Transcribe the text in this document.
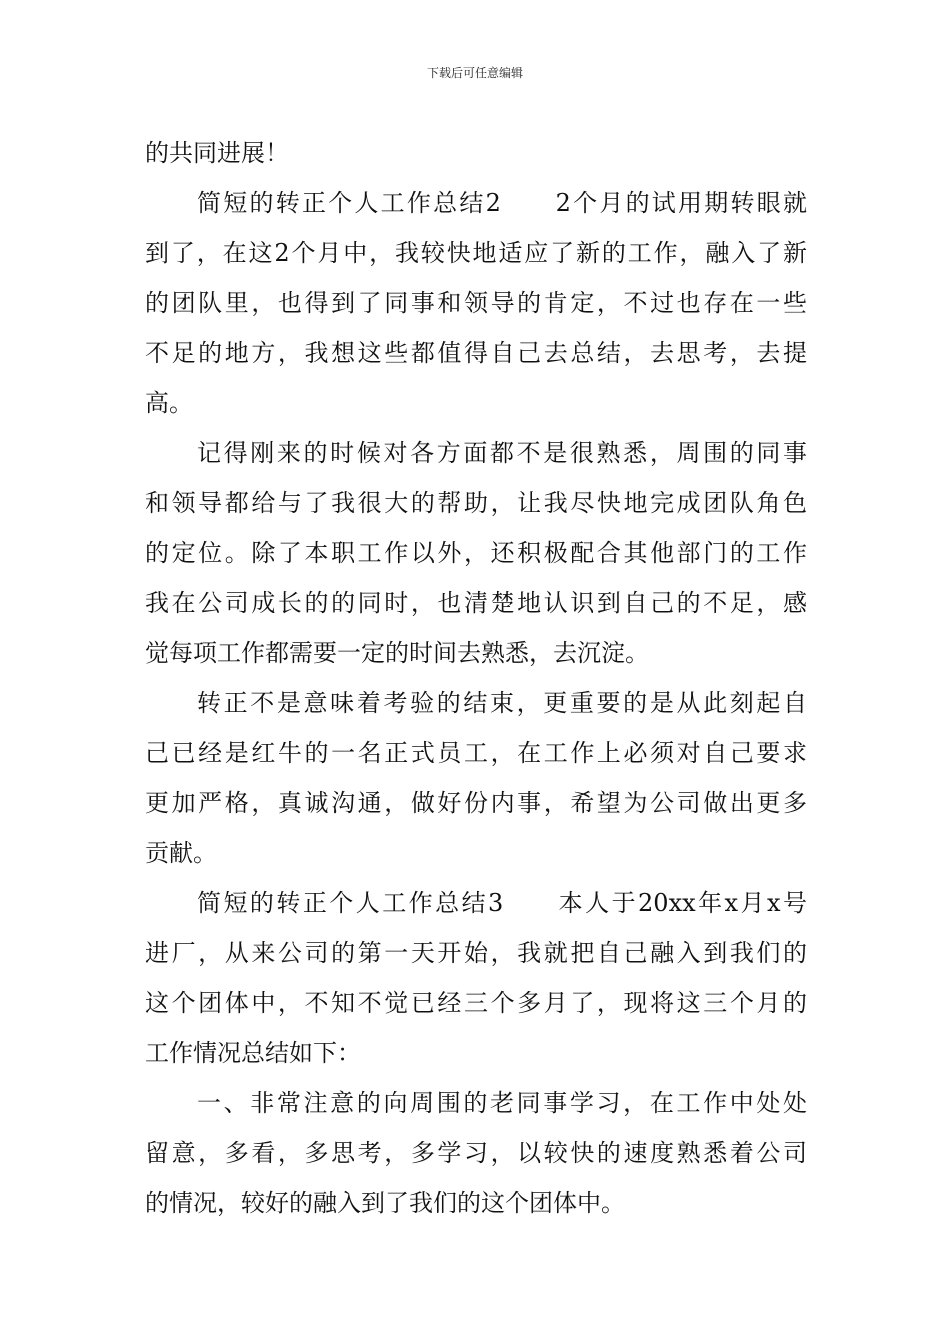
下载后可任意编辑
的共同进展！
简短的转正个人工作总结2　　2个月的试用期转眼就
到了，在这2个月中，我较快地适应了新的工作，融入了新
的团队里，也得到了同事和领导的肯定，不过也存在一些
不足的地方，我想这些都值得自己去总结，去思考，去提
高。
记得刚来的时候对各方面都不是很熟悉，周围的同事
和领导都给与了我很大的帮助，让我尽快地完成团队角色
的定位。除了本职工作以外，还积极配合其他部门的工作
我在公司成长的的同时，也清楚地认识到自己的不足，感
觉每项工作都需要一定的时间去熟悉，去沉淀。
转正不是意味着考验的结束，更重要的是从此刻起自
己已经是红牛的一名正式员工，在工作上必须对自己要求
更加严格，真诚沟通，做好份内事，希望为公司做出更多
贡献。
简短的转正个人工作总结3　　本人于20xx年x月x号
进厂，从来公司的第一天开始，我就把自己融入到我们的
这个团体中，不知不觉已经三个多月了，现将这三个月的
工作情况总结如下：
一、非常注意的向周围的老同事学习，在工作中处处
留意，多看，多思考，多学习，以较快的速度熟悉着公司
的情况，较好的融入到了我们的这个团体中。
